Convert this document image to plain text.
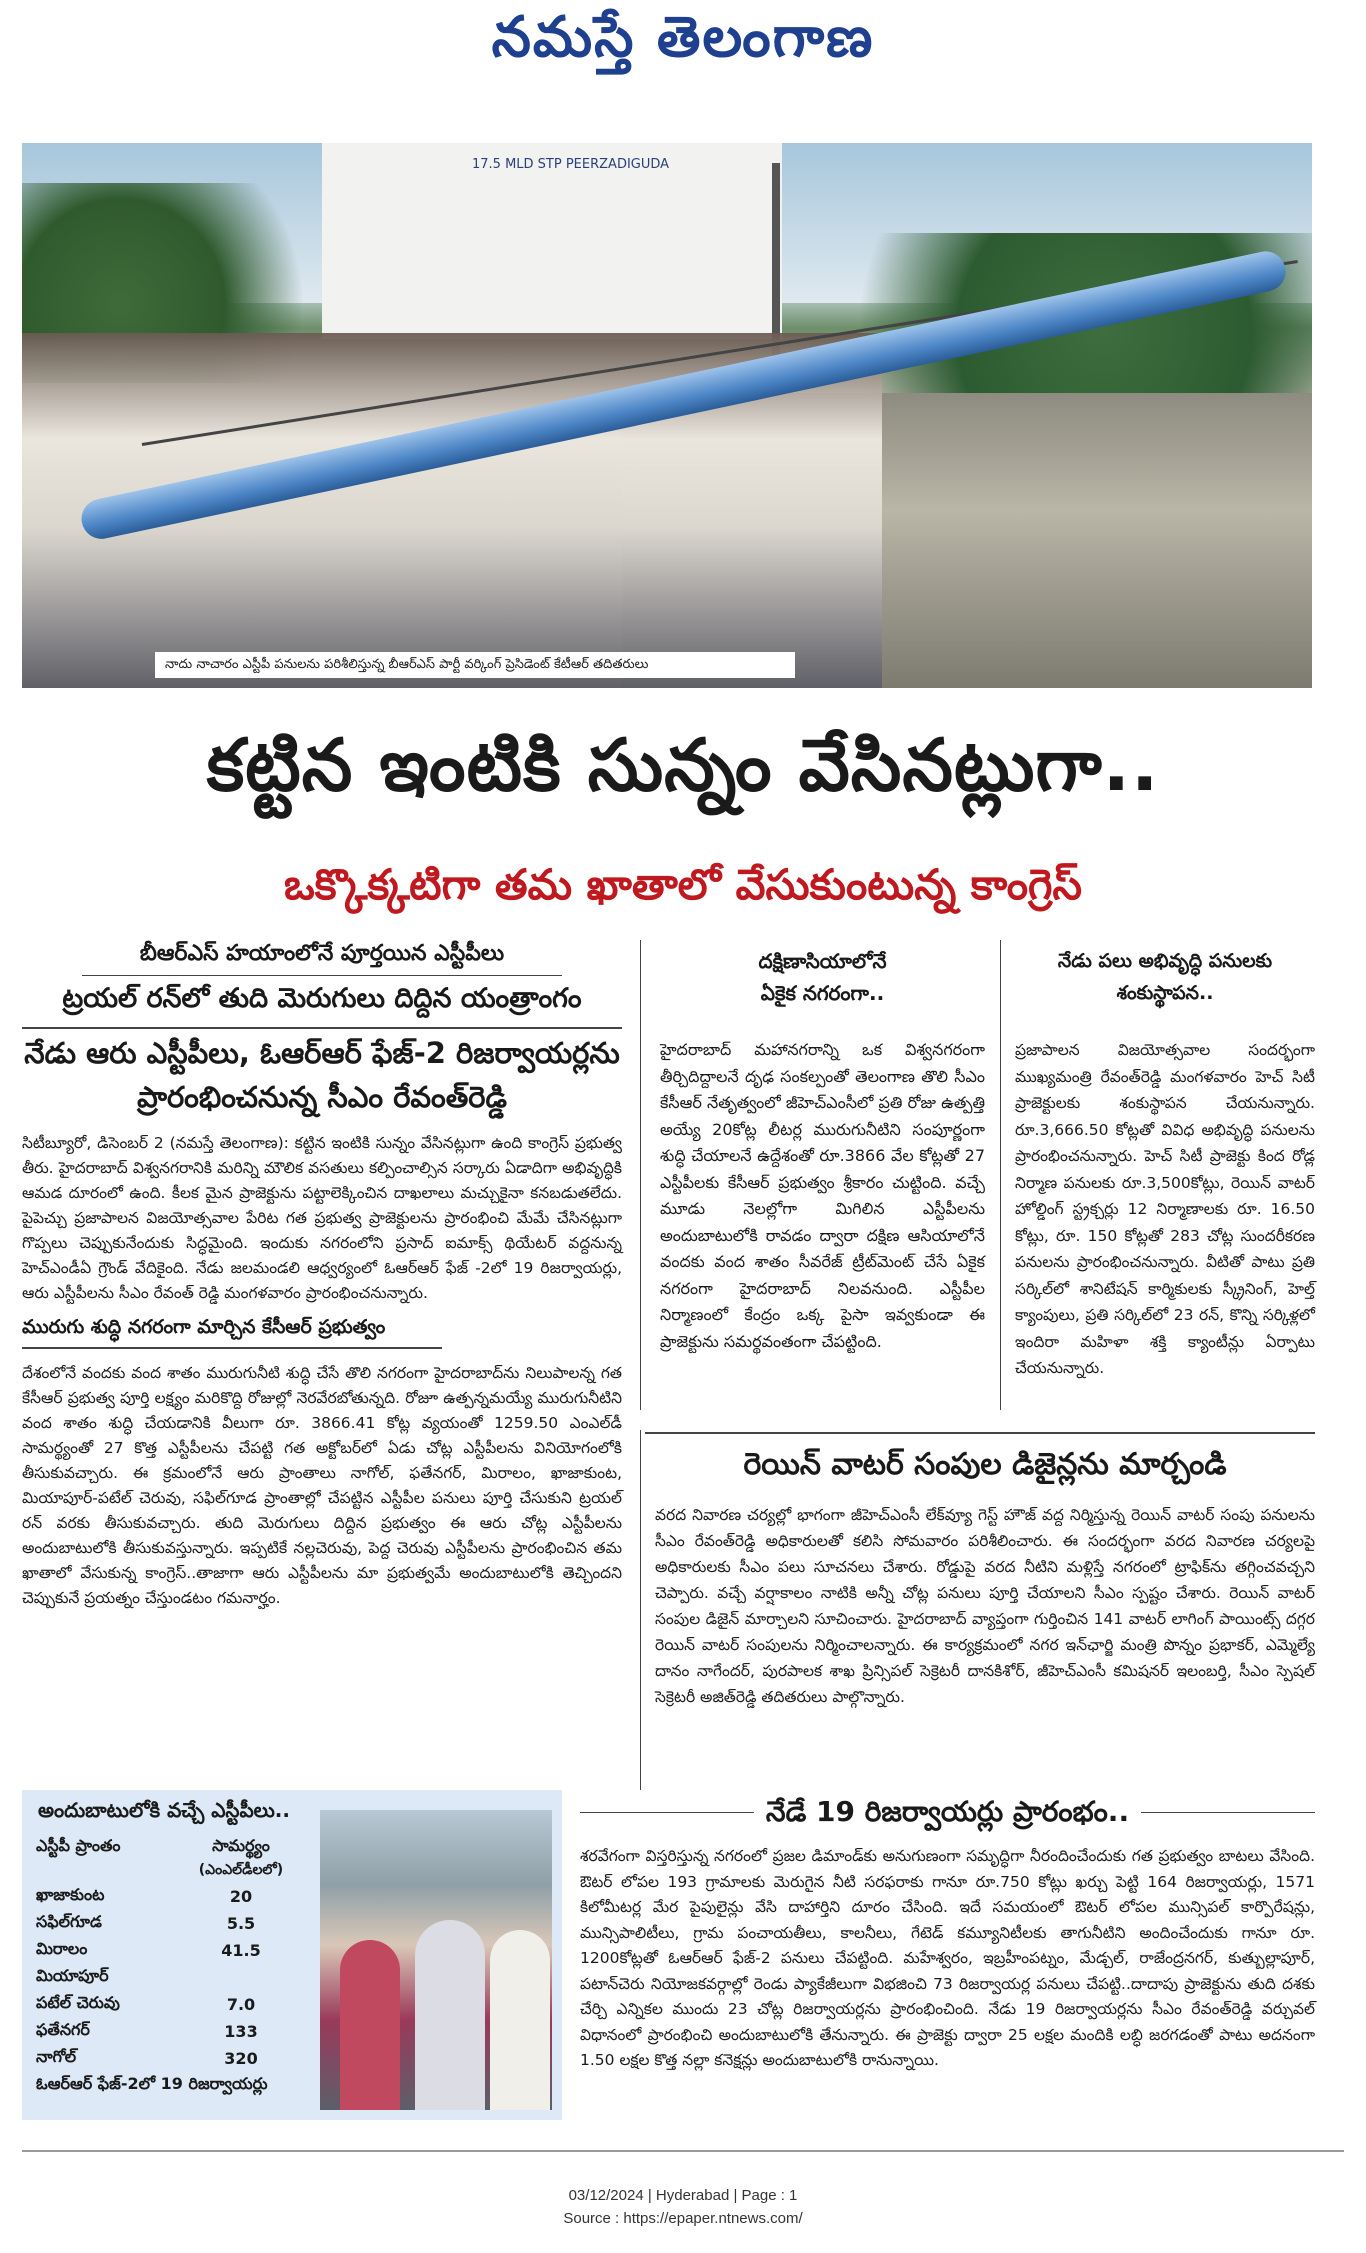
నమస్తే తెలంగాణ
17.5 MLD STP PEERZADIGUDA
నాదు నాచారం ఎస్టీపీ పనులను పరిశీలిస్తున్న బీఆర్‌ఎస్ పార్టీ వర్కింగ్ ప్రెసిడెంట్ కేటీఆర్ తదితరులు
కట్టిన ఇంటికి సున్నం వేసినట్లుగా..
ఒక్కొక్కటిగా తమ ఖాతాలో వేసుకుంటున్న కాంగ్రెస్
బీఆర్‌ఎస్ హయాంలోనే పూర్తయిన ఎస్టీపీలు
ట్రయల్ రన్‌లో తుది మెరుగులు దిద్దిన యంత్రాంగం
నేడు ఆరు ఎస్టీపీలు, ఓఆర్‌ఆర్ ఫేజ్-2 రిజర్వాయర్లను ప్రారంభించనున్న సీఎం రేవంత్‌రెడ్డి
సిటీబ్యూరో, డిసెంబర్ 2 (నమస్తే తెలంగాణ): కట్టిన ఇంటికి సున్నం వేసినట్లుగా ఉంది కాంగ్రెస్ ప్రభుత్వ తీరు. హైదరాబాద్ విశ్వనగరానికి మరిన్ని మౌలిక వసతులు కల్పించాల్సిన సర్కారు ఏడాదిగా అభివృద్ధికి ఆమడ దూరంలో ఉంది. కీలక మైన ప్రాజెక్టును పట్టాలెక్కించిన దాఖలాలు మచ్చుకైనా కనబడుతలేదు. పైపెచ్చు ప్రజాపాలన విజయోత్సవాల పేరిట గత ప్రభుత్వ ప్రాజెక్టులను ప్రారంభించి మేమే చేసినట్లుగా గొప్పలు చెప్పుకునేందుకు సిద్ధమైంది. ఇందుకు నగరంలోని ప్రసాద్ ఐమాక్స్ థియేటర్ వద్దనున్న హెచ్ఎండీఏ గ్రౌండ్ వేదికైంది. నేడు జలమండలి ఆధ్వర్యంలో ఓఆర్‌ఆర్ ఫేజ్ -2లో 19 రిజర్వాయర్లు, ఆరు ఎస్టీపీలను సీఎం రేవంత్ రెడ్డి మంగళవారం ప్రారంభించనున్నారు.
మురుగు శుద్ధి నగరంగా మార్చిన కేసీఆర్ ప్రభుత్వం
దేశంలోనే వందకు వంద శాతం మురుగునీటి శుద్ధి చేసే తొలి నగరంగా హైదరాబాద్‌ను నిలుపాలన్న గత కేసీఆర్ ప్రభుత్వ పూర్తి లక్ష్యం మరికొద్ది రోజుల్లో నెరవేరబోతున్నది. రోజూ ఉత్పన్నమయ్యే మురుగునీటిని వంద శాతం శుద్ధి చేయడానికి వీలుగా రూ. 3866.41 కోట్ల వ్యయంతో 1259.50 ఎంఎల్‌డీ సామర్థ్యంతో 27 కొత్త ఎస్టీపీలను చేపట్టి గత అక్టోబర్‌లో ఏడు చోట్ల ఎస్టీపీలను వినియోగంలోకి తీసుకువచ్చారు. ఈ క్రమంలోనే ఆరు ప్రాంతాలు నాగోల్, ఫతేనగర్, మిరాలం, ఖాజాకుంట, మియాపూర్-పటేల్ చెరువు, సఫిల్‌గూడ ప్రాంతాల్లో చేపట్టిన ఎస్టీపీల పనులు పూర్తి చేసుకుని ట్రయల్ రన్ వరకు తీసుకువచ్చారు. తుది మెరుగులు దిద్దిన ప్రభుత్వం ఈ ఆరు చోట్ల ఎస్టీపీలను అందుబాటులోకి తీసుకువస్తున్నారు. ఇప్పటికే నల్లచెరువు, పెద్ద చెరువు ఎస్టీపీలను ప్రారంభించిన తమ ఖాతాలో వేసుకున్న కాంగ్రెస్..తాజాగా ఆరు ఎస్టీపీలను మా ప్రభుత్వమే అందుబాటులోకి తెచ్చిందని చెప్పుకునే ప్రయత్నం చేస్తుండటం గమనార్హం.
దక్షిణాసియాలోనే
ఏకైక నగరంగా..
హైదరాబాద్ మహానగరాన్ని ఒక విశ్వనగరంగా తీర్చిదిద్దాలనే దృఢ సంకల్పంతో తెలంగాణ తొలి సీఎం కేసీఆర్ నేతృత్వంలో జీహెచ్ఎంసీలో ప్రతి రోజు ఉత్పత్తి అయ్యే 20కోట్ల లీటర్ల మురుగునీటిని సంపూర్ణంగా శుద్ధి చేయాలనే ఉద్దేశంతో రూ.3866 వేల కోట్లతో 27 ఎస్టీపీలకు కేసీఆర్ ప్రభుత్వం శ్రీకారం చుట్టింది. వచ్చే మూడు నెలల్లోగా మిగిలిన ఎస్టీపీలను అందుబాటులోకి రావడం ద్వారా దక్షిణ ఆసియాలోనే వందకు వంద శాతం సీవరేజ్ ట్రీట్‌మెంట్ చేసే ఏకైక నగరంగా హైదరాబాద్ నిలవనుంది. ఎస్టీపీల నిర్మాణంలో కేంద్రం ఒక్క పైసా ఇవ్వకుండా ఈ ప్రాజెక్టును సమర్థవంతంగా చేపట్టింది.
నేడు పలు అభివృద్ధి పనులకు
శంకుస్థాపన..
ప్రజాపాలన విజయోత్సవాల సందర్భంగా ముఖ్యమంత్రి రేవంత్‌రెడ్డి మంగళవారం హెచ్ సిటీ ప్రాజెక్టులకు శంకుస్థాపన చేయనున్నారు. రూ.3,666.50 కోట్లతో వివిధ అభివృద్ధి పనులను ప్రారంభించనున్నారు. హెచ్ సిటీ ప్రాజెక్టు కింద రోడ్ల నిర్మాణ పనులకు రూ.3,500కోట్లు, రెయిన్ వాటర్ హోల్డింగ్ స్ట్రక్చర్లు 12 నిర్మాణాలకు రూ. 16.50 కోట్లు, రూ. 150 కోట్లతో 283 చోట్ల సుందరీకరణ పనులను ప్రారంభించనున్నారు. వీటితో పాటు ప్రతి సర్కిల్‌లో శానిటేషన్ కార్మికులకు స్క్రీనింగ్, హెల్త్ క్యాంపులు, ప్రతి సర్కిల్‌లో 23 రన్, కొన్ని సర్కిళ్లలో ఇందిరా మహిళా శక్తి క్యాంటీన్లు ఏర్పాటు చేయనున్నారు.
రెయిన్ వాటర్ సంపుల డిజైన్లను మార్చండి
వరద నివారణ చర్యల్లో భాగంగా జీహెచ్ఎంసీ లేక్‌వ్యూ గెస్ట్ హౌజ్ వద్ద నిర్మిస్తున్న రెయిన్ వాటర్ సంపు పనులను సీఎం రేవంత్‌రెడ్డి అధికారులతో కలిసి సోమవారం పరిశీలించారు. ఈ సందర్భంగా వరద నివారణ చర్యలపై అధికారులకు సీఎం పలు సూచనలు చేశారు. రోడ్డుపై వరద నీటిని మళ్లిస్తే నగరంలో ట్రాఫిక్‌ను తగ్గించవచ్చని చెప్పారు. వచ్చే వర్షాకాలం నాటికి అన్నీ చోట్ల పనులు పూర్తి చేయాలని సీఎం స్పష్టం చేశారు. రెయిన్ వాటర్ సంపుల డిజైన్ మార్చాలని సూచించారు. హైదరాబాద్ వ్యాప్తంగా గుర్తించిన 141 వాటర్ లాగింగ్ పాయింట్స్ దగ్గర రెయిన్ వాటర్ సంపులను నిర్మించాలన్నారు. ఈ కార్యక్రమంలో నగర ఇన్‌ఛార్జి మంత్రి పొన్నం ప్రభాకర్, ఎమ్మెల్యే దానం నాగేందర్, పురపాలక శాఖ ప్రిన్సిపల్ సెక్రెటరీ దానకిశోర్, జీహెచ్ఎంసీ కమిషనర్ ఇలంబర్తి, సీఎం స్పెషల్ సెక్రెటరీ అజిత్‌రెడ్డి తదితరులు పాల్గొన్నారు.
అందుబాటులోకి వచ్చే ఎస్టీపీలు..
ఎస్టీపీ ప్రాంతం	సామర్థ్యం
(ఎంఎల్‌డీలలో)
ఖాజాకుంట	20
సఫిల్‌గూడ	5.5
మిరాలం	41.5
మియాపూర్
పటేల్ చెరువు	7.0
ఫతేనగర్	133
నాగోల్	320
ఓఆర్‌ఆర్ ఫేజ్-2లో 19 రిజర్వాయర్లు
నేడే 19 రిజర్వాయర్లు ప్రారంభం..
శరవేగంగా విస్తరిస్తున్న నగరంలో ప్రజల డిమాండ్‌కు అనుగుణంగా సమృద్ధిగా నీరందించేందుకు గత ప్రభుత్వం బాటలు వేసింది. ఔటర్ లోపల 193 గ్రామాలకు మెరుగైన నీటి సరఫరాకు గానూ రూ.750 కోట్లు ఖర్చు పెట్టి 164 రిజర్వాయర్లు, 1571 కిలోమీటర్ల మేర పైపులైన్లు వేసి దాహార్తిని దూరం చేసింది. ఇదే సమయంలో ఔటర్ లోపల మున్సిపల్ కార్పొరేషన్లు, మున్సిపాలిటీలు, గ్రామ పంచాయతీలు, కాలనీలు, గేటెడ్ కమ్యూనిటీలకు తాగునీటిని అందించేందుకు గానూ రూ. 1200కోట్లతో ఓఆర్‌ఆర్ ఫేజ్-2 పనులు చేపట్టింది. మహేశ్వరం, ఇబ్రహీంపట్నం, మేడ్చల్, రాజేంద్రనగర్, కుత్బుల్లాపూర్, పటాన్‌చెరు నియోజకవర్గాల్లో రెండు ప్యాకేజీలుగా విభజించి 73 రిజర్వాయర్ల పనులు చేపట్టి..దాదాపు ప్రాజెక్టును తుది దశకు చేర్చి ఎన్నికల ముందు 23 చోట్ల రిజర్వాయర్లను ప్రారంభించింది. నేడు 19 రిజర్వాయర్లను సీఎం రేవంత్‌రెడ్డి వర్చువల్ విధానంలో ప్రారంభించి అందుబాటులోకి తేనున్నారు. ఈ ప్రాజెక్టు ద్వారా 25 లక్షల మందికి లబ్ధి జరగడంతో పాటు అదనంగా 1.50 లక్షల కొత్త నల్లా కనెక్షన్లు అందుబాటులోకి రానున్నాయి.
03/12/2024 | Hyderabad | Page : 1
Source : https://epaper.ntnews.com/
